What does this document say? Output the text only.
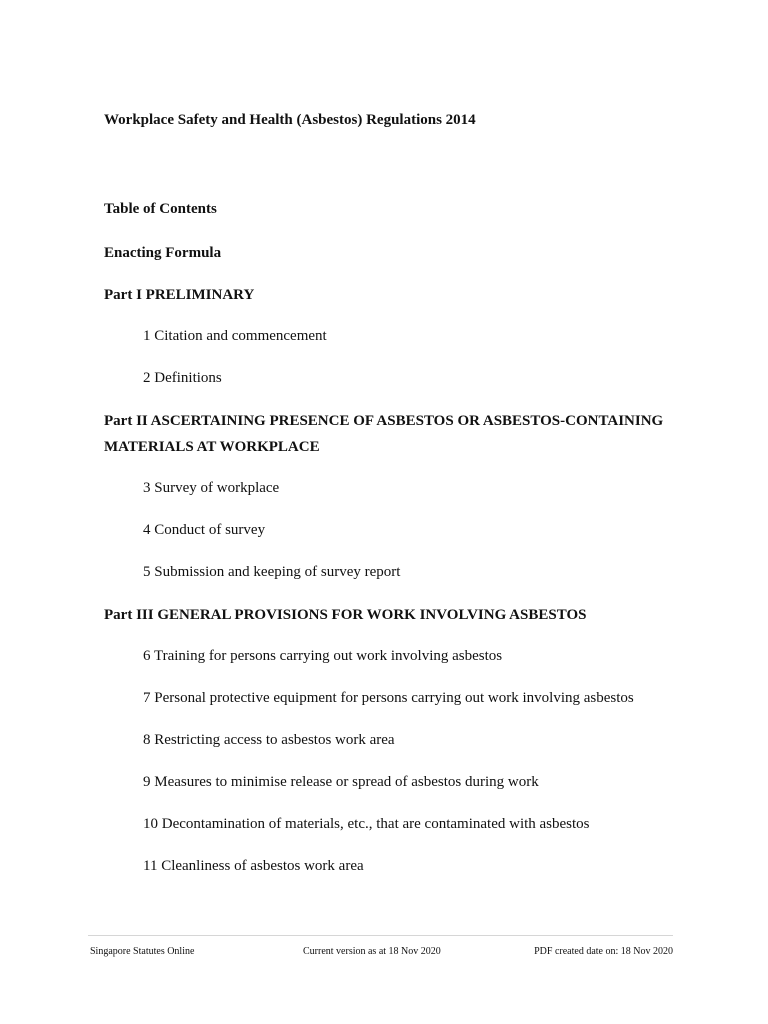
Workplace Safety and Health (Asbestos) Regulations 2014
Table of Contents
Enacting Formula
Part I PRELIMINARY
1 Citation and commencement
2 Definitions
Part II ASCERTAINING PRESENCE OF ASBESTOS OR ASBESTOS-CONTAINING MATERIALS AT WORKPLACE
3 Survey of workplace
4 Conduct of survey
5 Submission and keeping of survey report
Part III GENERAL PROVISIONS FOR WORK INVOLVING ASBESTOS
6 Training for persons carrying out work involving asbestos
7 Personal protective equipment for persons carrying out work involving asbestos
8 Restricting access to asbestos work area
9 Measures to minimise release or spread of asbestos during work
10 Decontamination of materials, etc., that are contaminated with asbestos
11 Cleanliness of asbestos work area
Singapore Statutes Online	Current version as at 18 Nov 2020	PDF created date on: 18 Nov 2020
